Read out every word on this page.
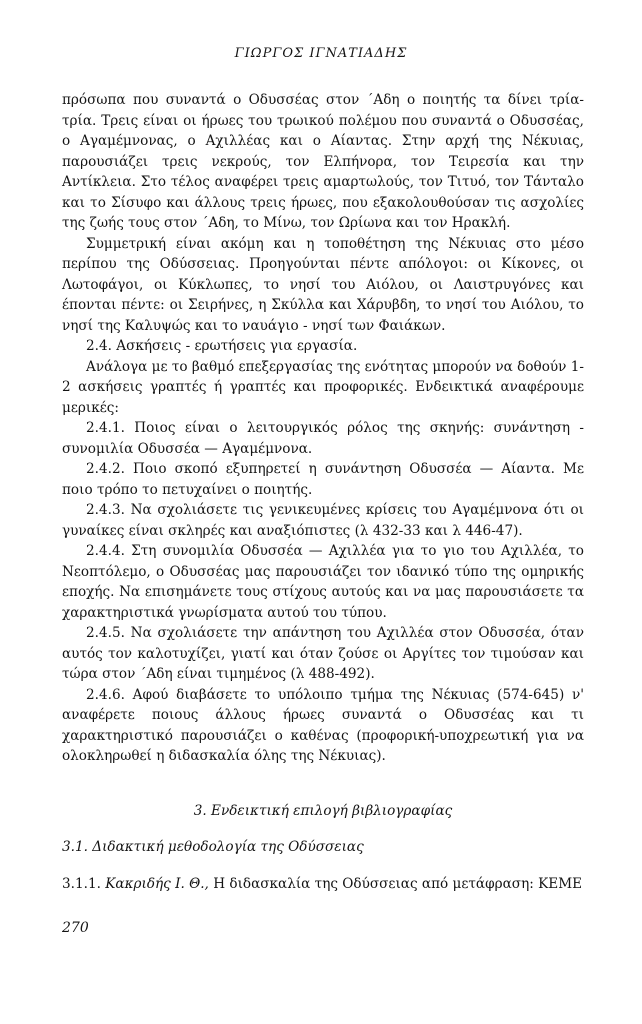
ΓΙΩΡΓΟΣ ΙΓΝΑΤΙΑΔΗΣ

πρόσωπα που συναντά ο Οδυσσέας στον ΄Αδη ο ποιητής τα δίνει τρία-τρία. Τρεις είναι οι ήρωες του τρωικού πολέμου που συναντά ο Οδυσσέας, ο Αγαμέμνονας, ο Αχιλλέας και ο Αίαντας. Στην αρχή της Νέκυιας, παρουσιάζει τρεις νεκρούς, τον Ελπήνορα, τον Τειρεσία και την Αντίκλεια. Στο τέλος αναφέρει τρεις αμαρτωλούς, τον Τιτυό, τον Τάνταλο και το Σίσυφο και άλλους τρεις ήρωες, που εξακολουθούσαν τις ασχολίες της ζωής τους στον ΄Αδη, το Μίνω, τον Ωρίωνα και τον Ηρακλή.

Συμμετρική είναι ακόμη και η τοποθέτηση της Νέκυιας στο μέσο περίπου της Οδύσσειας. Προηγούνται πέντε απόλογοι: οι Κίκονες, οι Λωτοφάγοι, οι Κύκλωπες, το νησί του Αιόλου, οι Λαιστρυγόνες και έπονται πέντε: οι Σειρήνες, η Σκύλλα και Χάρυβδη, το νησί του Αιόλου, το νησί της Καλυψώς και το ναυάγιο - νησί των Φαιάκων.

2.4. Ασκήσεις - ερωτήσεις για εργασία.

Ανάλογα με το βαθμό επεξεργασίας της ενότητας μπορούν να δοθούν 1-2 ασκήσεις γραπτές ή γραπτές και προφορικές. Ενδεικτικά αναφέρουμε μερικές:

2.4.1. Ποιος είναι ο λειτουργικός ρόλος της σκηνής: συνάντηση - συνομιλία Οδυσσέα — Αγαμέμνονα.

2.4.2. Ποιο σκοπό εξυπηρετεί η συνάντηση Οδυσσέα — Αίαντα. Με ποιο τρόπο το πετυχαίνει ο ποιητής.

2.4.3. Να σχολιάσετε τις γενικευμένες κρίσεις του Αγαμέμνονα ότι οι γυναίκες είναι σκληρές και αναξιόπιστες (λ 432-33 και λ 446-47).

2.4.4. Στη συνομιλία Οδυσσέα — Αχιλλέα για το γιο του Αχιλλέα, το Νεοπτόλεμο, ο Οδυσσέας μας παρουσιάζει τον ιδανικό τύπο της ομηρικής εποχής. Να επισημάνετε τους στίχους αυτούς και να μας παρουσιάσετε τα χαρακτηριστικά γνωρίσματα αυτού του τύπου.

2.4.5. Να σχολιάσετε την απάντηση του Αχιλλέα στον Οδυσσέα, όταν αυτός τον καλοτυχίζει, γιατί και όταν ζούσε οι Αργίτες τον τιμούσαν και τώρα στον ΄Αδη είναι τιμημένος (λ 488-492).

2.4.6. Αφού διαβάσετε το υπόλοιπο τμήμα της Νέκυιας (574-645) ν' αναφέρετε ποιους άλλους ήρωες συναντά ο Οδυσσέας και τι χαρακτηριστικό παρουσιάζει ο καθένας (προφορική-υποχρεωτική για να ολοκληρωθεί η διδασκαλία όλης της Νέκυιας).

3. Ενδεικτική επιλογή βιβλιογραφίας

3.1. Διδακτική μεθοδολογία της Οδύσσειας

3.1.1. Κακριδής Ι. Θ., Η διδασκαλία της Οδύσσειας από μετάφραση: ΚΕΜΕ

270
